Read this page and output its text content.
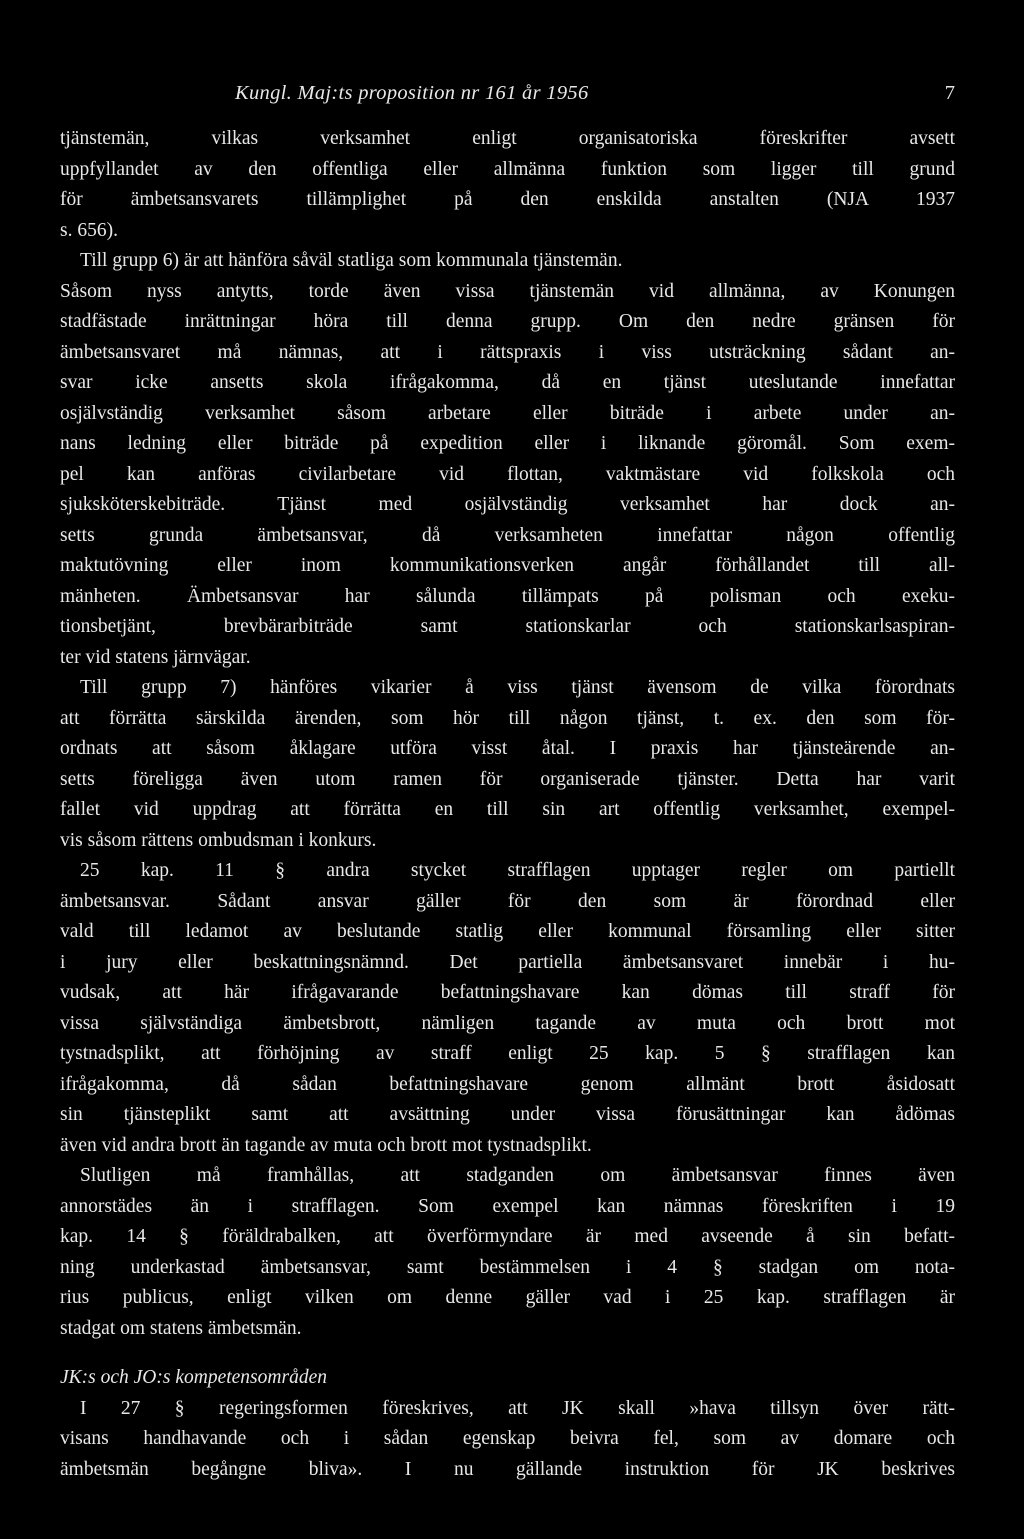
Kungl. Maj:ts proposition nr 161 år 1956	7
tjänstemän, vilkas verksamhet enligt organisatoriska föreskrifter avsett
uppfyllandet av den offentliga eller allmänna funktion som ligger till grund
för ämbetsansvarets tillämplighet på den enskilda anstalten (NJA 1937
s. 656).
Till grupp 6) är att hänföra såväl statliga som kommunala tjänstemän.
Såsom nyss antytts, torde även vissa tjänstemän vid allmänna, av Konungen
stadfästade inrättningar höra till denna grupp. Om den nedre gränsen för
ämbetsansvaret må nämnas, att i rättspraxis i viss utsträckning sådant an-
svar icke ansetts skola ifrågakomma, då en tjänst uteslutande innefattar
osjälvständig verksamhet såsom arbetare eller biträde i arbete under an-
nans ledning eller biträde på expedition eller i liknande göromål. Som exem-
pel kan anföras civilarbetare vid flottan, vaktmästare vid folkskola och
sjuksköterskebiträde. Tjänst med osjälvständig verksamhet har dock an-
setts grunda ämbetsansvar, då verksamheten innefattar någon offentlig
maktutövning eller inom kommunikationsverken angår förhållandet till all-
mänheten. Ämbetsansvar har sålunda tillämpats på polisman och exeku-
tionsbetjänt, brevbärarbiträde samt stationskarlar och stationskarlsaspiran-
ter vid statens järnvägar.
Till grupp 7) hänföres vikarier å viss tjänst ävensom de vilka förordnats
att förrätta särskilda ärenden, som hör till någon tjänst, t. ex. den som för-
ordnats att såsom åklagare utföra visst åtal. I praxis har tjänsteärende an-
setts föreligga även utom ramen för organiserade tjänster. Detta har varit
fallet vid uppdrag att förrätta en till sin art offentlig verksamhet, exempel-
vis såsom rättens ombudsman i konkurs.
25 kap. 11 § andra stycket strafflagen upptager regler om partiellt
ämbetsansvar. Sådant ansvar gäller för den som är förordnad eller
vald till ledamot av beslutande statlig eller kommunal församling eller sitter
i jury eller beskattningsnämnd. Det partiella ämbetsansvaret innebär i hu-
vudsak, att här ifrågavarande befattningshavare kan dömas till straff för
vissa självständiga ämbetsbrott, nämligen tagande av muta och brott mot
tystnadsplikt, att förhöjning av straff enligt 25 kap. 5 § strafflagen kan
ifrågakomma, då sådan befattningshavare genom allmänt brott åsidosatt
sin tjänsteplikt samt att avsättning under vissa förusättningar kan ådömas
även vid andra brott än tagande av muta och brott mot tystnadsplikt.
Slutligen må framhållas, att stadganden om ämbetsansvar finnes även
annorstädes än i strafflagen. Som exempel kan nämnas föreskriften i 19
kap. 14 § föräldrabalken, att överförmyndare är med avseende å sin befatt-
ning underkastad ämbetsansvar, samt bestämmelsen i 4 § stadgan om nota-
rius publicus, enligt vilken om denne gäller vad i 25 kap. strafflagen är
stadgat om statens ämbetsmän.
JK:s och JO:s kompetensområden
I 27 § regeringsformen föreskrives, att JK skall »hava tillsyn över rätt-
visans handhavande och i sådan egenskap beivra fel, som av domare och
ämbetsmän begångne bliva». I nu gällande instruktion för JK beskrives
